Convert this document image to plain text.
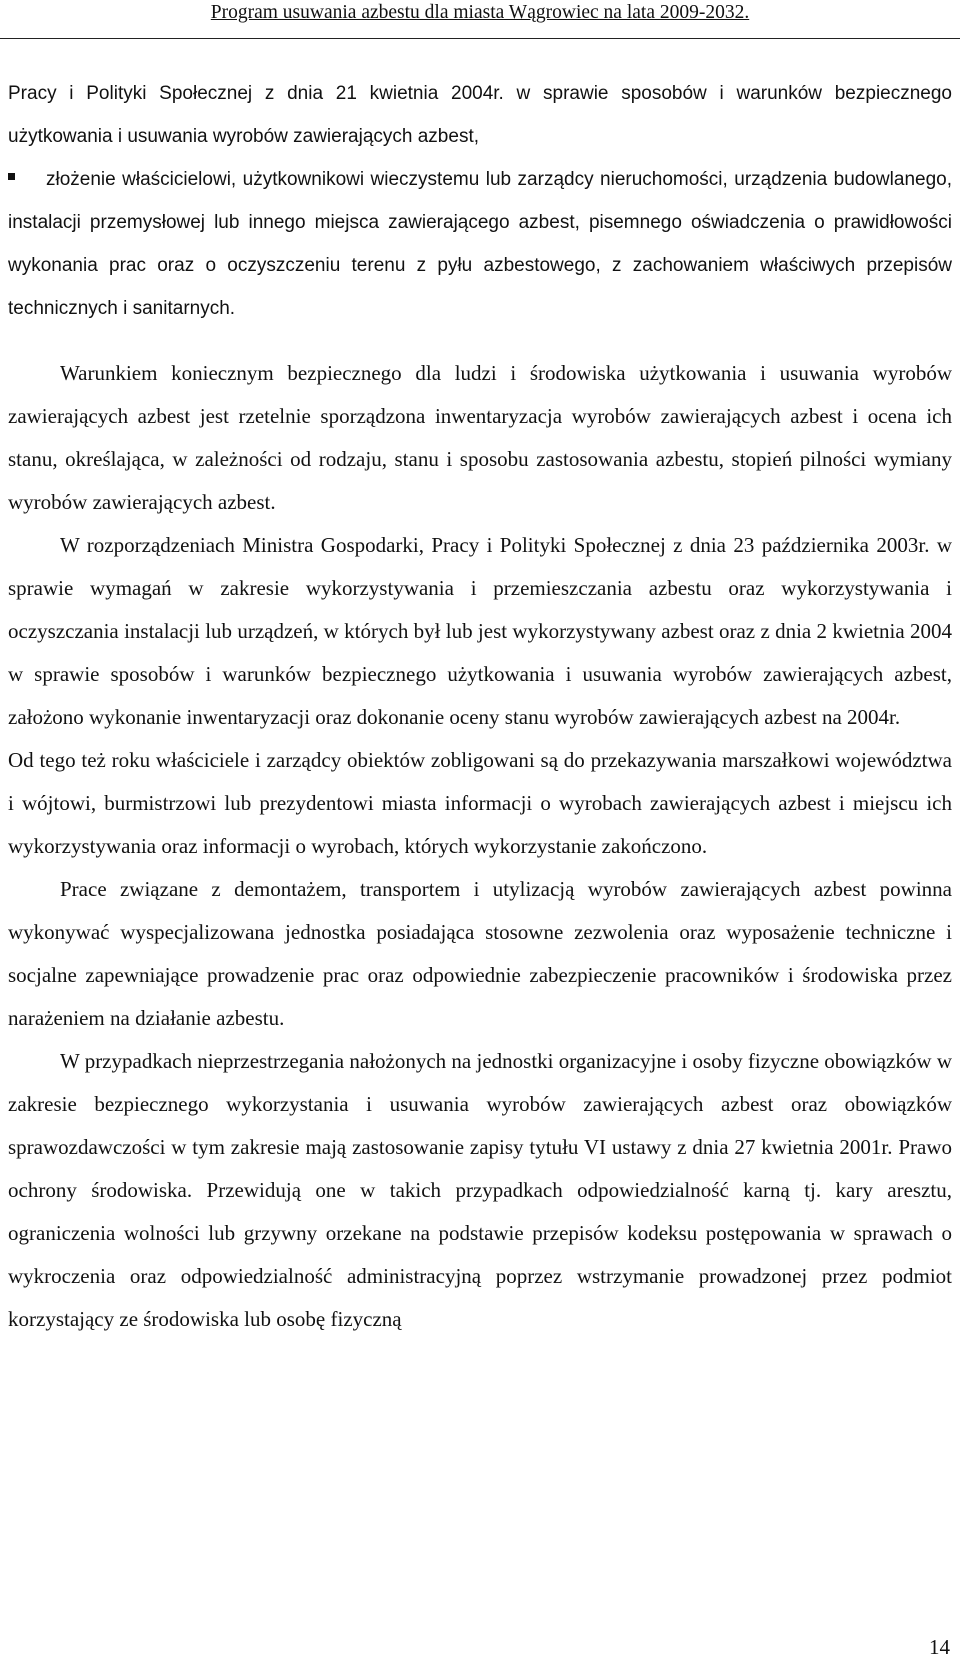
Program usuwania azbestu dla miasta Wągrowiec na lata 2009-2032.

Pracy i Polityki Społecznej z dnia 21 kwietnia 2004r. w sprawie sposobów i warunków bezpiecznego użytkowania i usuwania wyrobów zawierających azbest,

złożenie właścicielowi, użytkownikowi wieczystemu lub zarządcy nieruchomości, urządzenia budowlanego, instalacji przemysłowej lub innego miejsca zawierającego azbest, pisemnego oświadczenia o prawidłowości wykonania prac oraz o oczyszczeniu terenu z pyłu azbestowego, z zachowaniem właściwych przepisów technicznych i sanitarnych.

Warunkiem koniecznym bezpiecznego dla ludzi i środowiska użytkowania i usuwania wyrobów zawierających azbest jest rzetelnie sporządzona inwentaryzacja wyrobów zawierających azbest i ocena ich stanu, określająca, w zależności od rodzaju, stanu i sposobu zastosowania azbestu, stopień pilności wymiany wyrobów zawierających azbest.

W rozporządzeniach Ministra Gospodarki, Pracy i Polityki Społecznej z dnia 23 października 2003r. w sprawie wymagań w zakresie wykorzystywania i przemieszczania azbestu oraz wykorzystywania i oczyszczania instalacji lub urządzeń, w których był lub jest wykorzystywany azbest oraz z dnia 2 kwietnia 2004 w sprawie sposobów i warunków bezpiecznego użytkowania i usuwania wyrobów zawierających azbest, założono wykonanie inwentaryzacji oraz dokonanie oceny stanu wyrobów zawierających azbest na 2004r.

Od tego też roku właściciele i zarządcy obiektów zobligowani są do przekazywania marszałkowi województwa i wójtowi, burmistrzowi lub prezydentowi miasta informacji o wyrobach zawierających azbest i miejscu ich wykorzystywania oraz informacji o wyrobach, których wykorzystanie zakończono.

Prace związane z demontażem, transportem i utylizacją wyrobów zawierających azbest powinna wykonywać wyspecjalizowana jednostka posiadająca stosowne zezwolenia oraz wyposażenie techniczne i socjalne zapewniające prowadzenie prac oraz odpowiednie zabezpieczenie pracowników i środowiska przez narażeniem na działanie azbestu.

W przypadkach nieprzestrzegania nałożonych na jednostki organizacyjne i osoby fizyczne obowiązków w zakresie bezpiecznego wykorzystania i usuwania wyrobów zawierających azbest oraz obowiązków sprawozdawczości w tym zakresie mają zastosowanie zapisy tytułu VI ustawy z dnia 27 kwietnia 2001r. Prawo ochrony środowiska. Przewidują one w takich przypadkach odpowiedzialność karną tj. kary aresztu, ograniczenia wolności lub grzywny orzekane na podstawie przepisów kodeksu postępowania w sprawach o wykroczenia oraz odpowiedzialność administracyjną poprzez wstrzymanie prowadzonej przez podmiot korzystający ze środowiska lub osobę fizyczną

14
